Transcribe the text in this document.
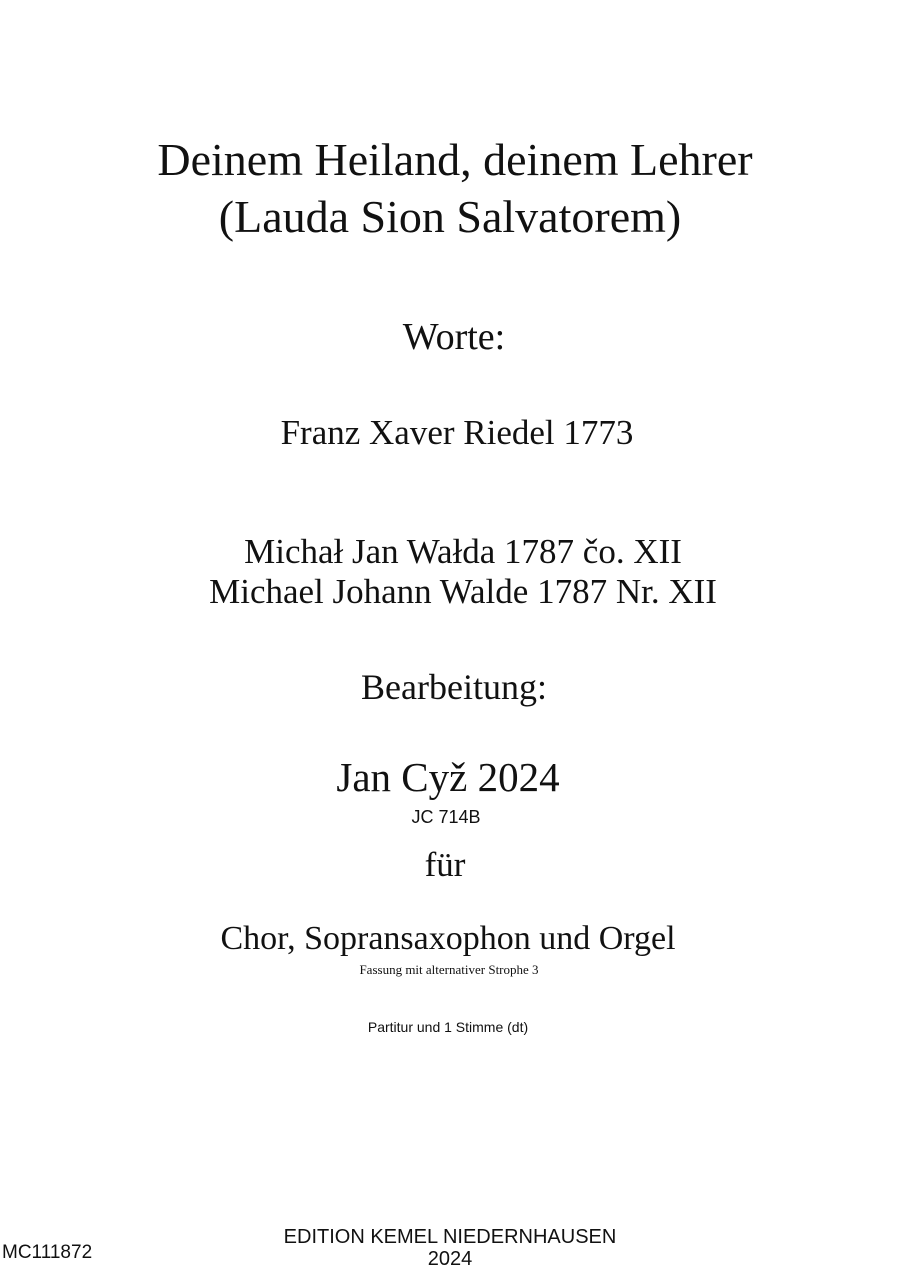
Deinem Heiland, deinem Lehrer
(Lauda Sion Salvatorem)
Worte:
Franz Xaver Riedel 1773
Michał Jan Wałda 1787 čo. XII
Michael Johann Walde 1787 Nr. XII
Bearbeitung:
Jan Cyž 2024
JC 714B
für
Chor, Sopransaxophon und Orgel
Fassung mit alternativer Strophe 3
Partitur und 1 Stimme (dt)
EDITION KEMEL NIEDERNHAUSEN
2024
MC111872
